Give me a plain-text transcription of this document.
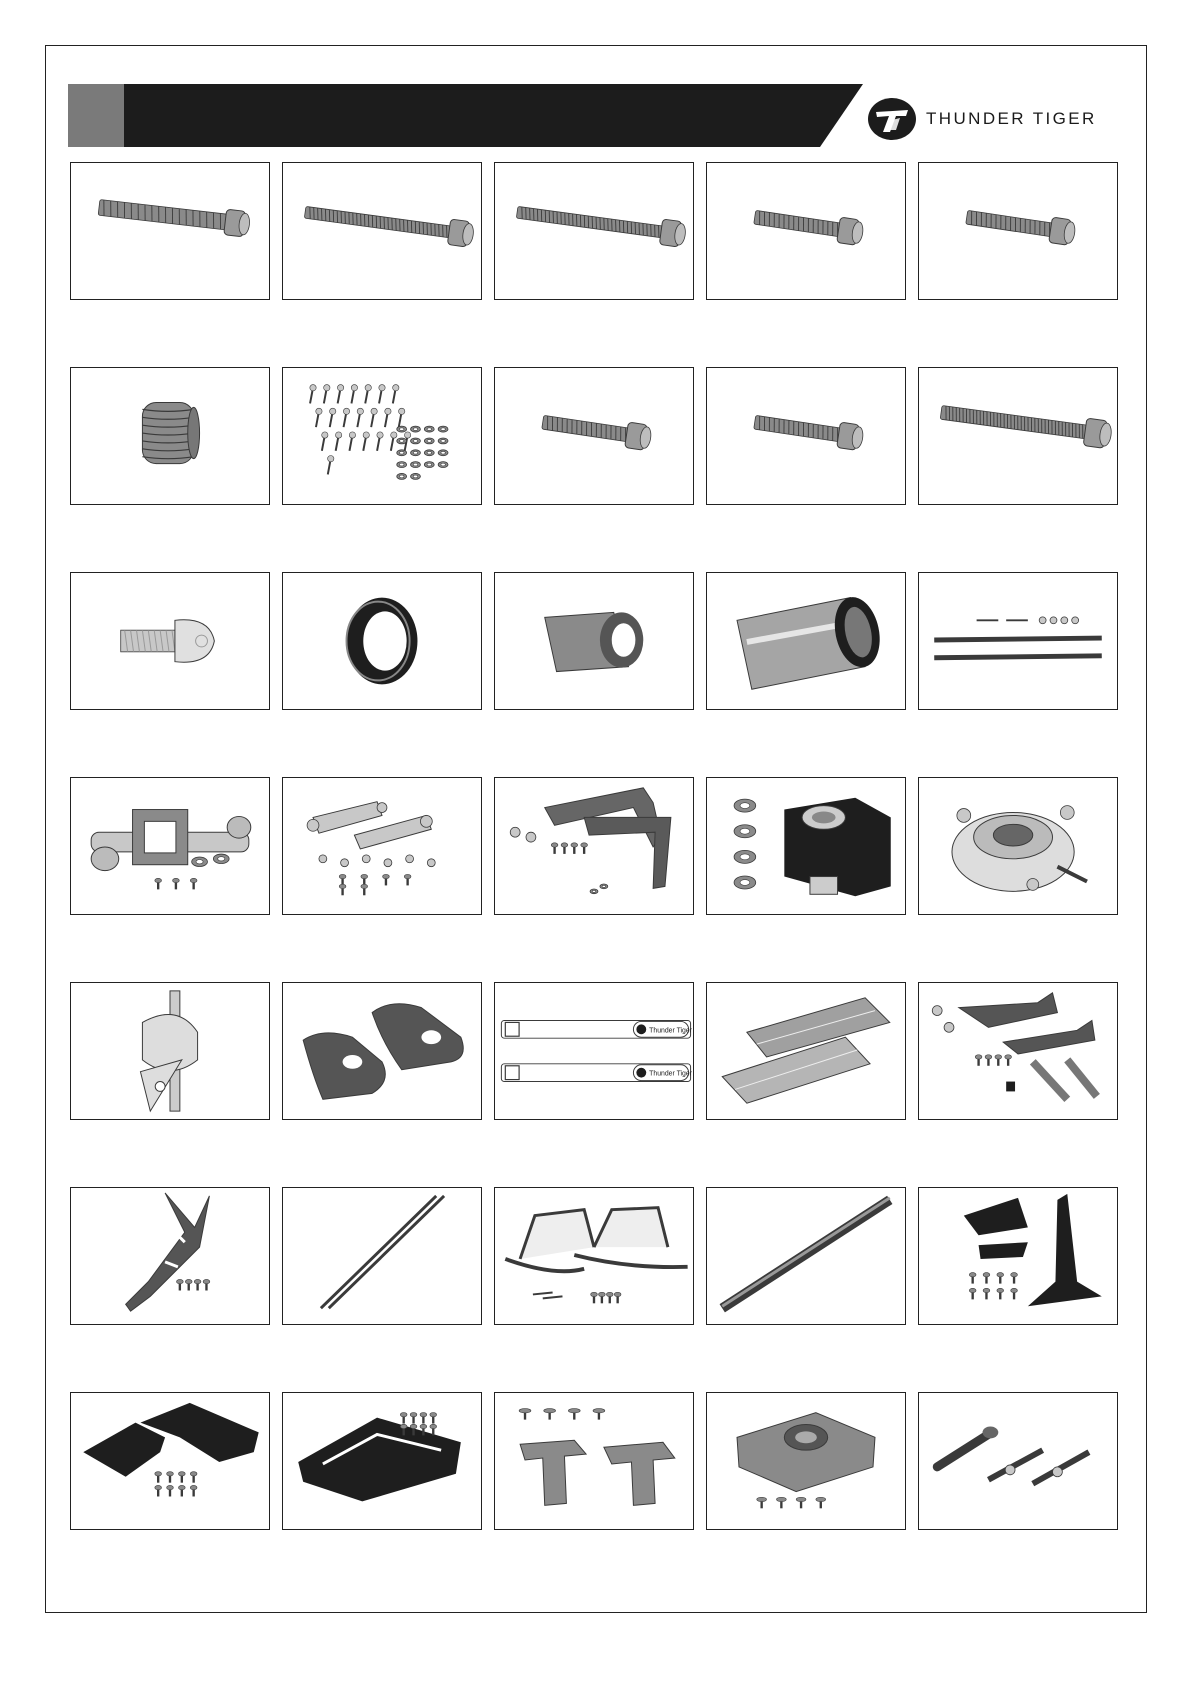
THUNDER TIGER
Thunder Tiger
Thunder Tiger
